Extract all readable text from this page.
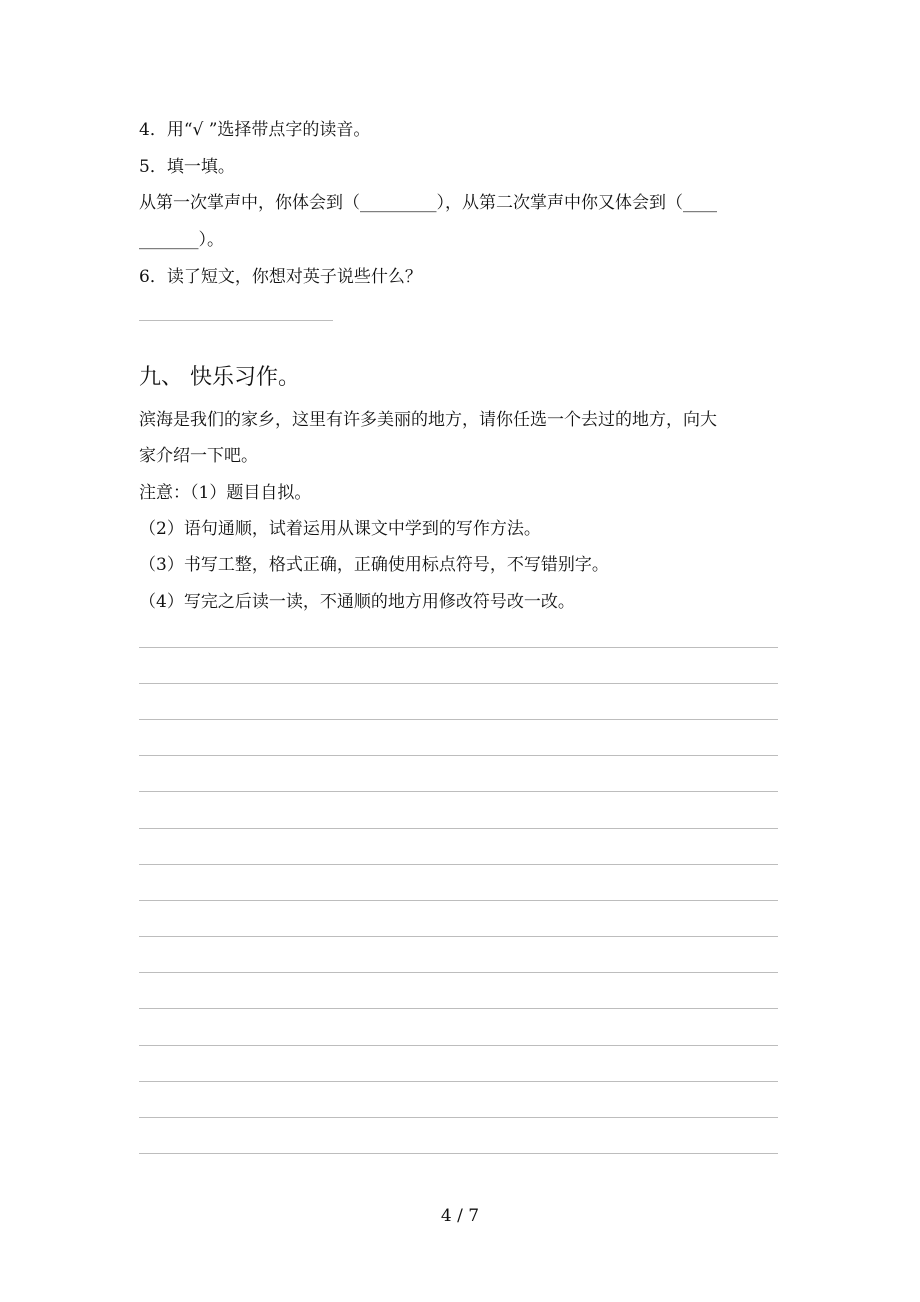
4．用“√ ”选择带点字的读音。
5．填一填。
从第一次掌声中，你体会到（_________），从第二次掌声中你又体会到（____
_______）。
6．读了短文，你想对英子说些什么？
九、 快乐习作。
滨海是我们的家乡，这里有许多美丽的地方，请你任选一个去过的地方，向大
家介绍一下吧。
注意：（1）题目自拟。
（2）语句通顺，试着运用从课文中学到的写作方法。
（3）书写工整，格式正确，正确使用标点符号，不写错别字。
（4）写完之后读一读，不通顺的地方用修改符号改一改。
4 / 7
